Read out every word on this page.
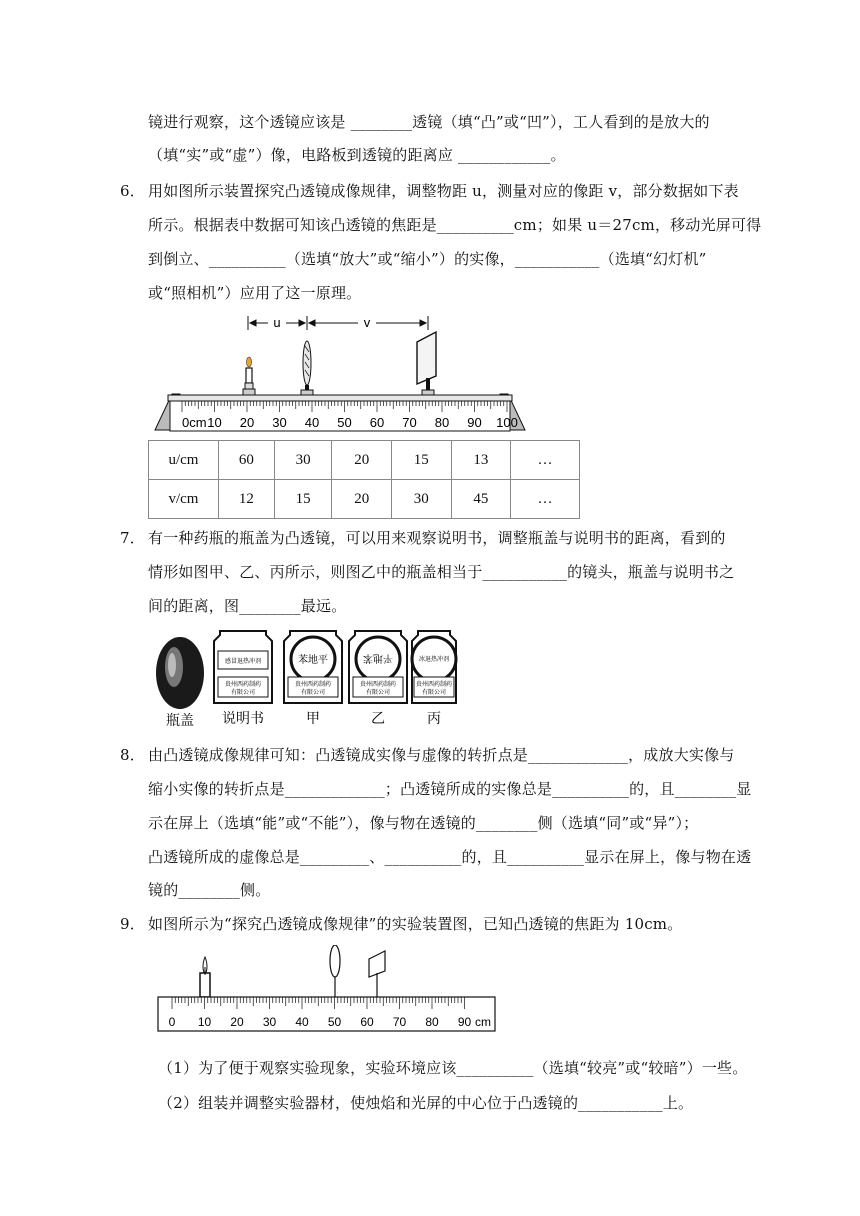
镜进行观察，这个透镜应该是 ________透镜（填“凸”或“凹”），工人看到的是放大的
（填“实”或“虚”）像，电路板到透镜的距离应 ____________。
6． 用如图所示装置探究凸透镜成像规律，调整物距 u，测量对应的像距 v，部分数据如下表
所示。根据表中数据可知该凸透镜的焦距是__________cm；如果 u＝27cm，移动光屏可得
到倒立、__________（选填“放大”或“缩小”）的实像，___________（选填“幻灯机”
或“照相机”）应用了这一原理。
u	v
0cm 10 20 30 40 50 60 70 80 90 100
u/cm	60	30	20	15	13	…
v/cm	12	15	20	30	45	…
7． 有一种药瓶的瓶盖为凸透镜，可以用来观察说明书，调整瓶盖与说明书的距离，看到的
情形如图甲、乙、丙所示，则图乙中的瓶盖相当于___________的镜头，瓶盖与说明书之
间的距离，图________最远。
瓶盖
感冒退热冲剂
贵州西药制药
有限公司
说明书
苯地平
贵州西药制药
有限公司
甲
平地苯
贵州西药制药
有限公司
乙
冰退热冲剂
贵州西药制药
有限公司
丙
8． 由凸透镜成像规律可知：凸透镜成实像与虚像的转折点是_____________，成放大实像与
缩小实像的转折点是_____________；凸透镜所成的实像总是__________的，且________显
示在屏上（选填“能”或“不能”），像与物在透镜的________侧（选填“同”或“异”）；
凸透镜所成的虚像总是_________、__________的，且__________显示在屏上，像与物在透
镜的________侧。
9． 如图所示为“探究凸透镜成像规律”的实验装置图，已知凸透镜的焦距为 10cm。
0 10 20 30 40 50 60 70 80 90 cm
（1）为了便于观察实验现象，实验环境应该__________（选填“较亮”或“较暗”）一些。
（2）组装并调整实验器材，使烛焰和光屏的中心位于凸透镜的___________上。
